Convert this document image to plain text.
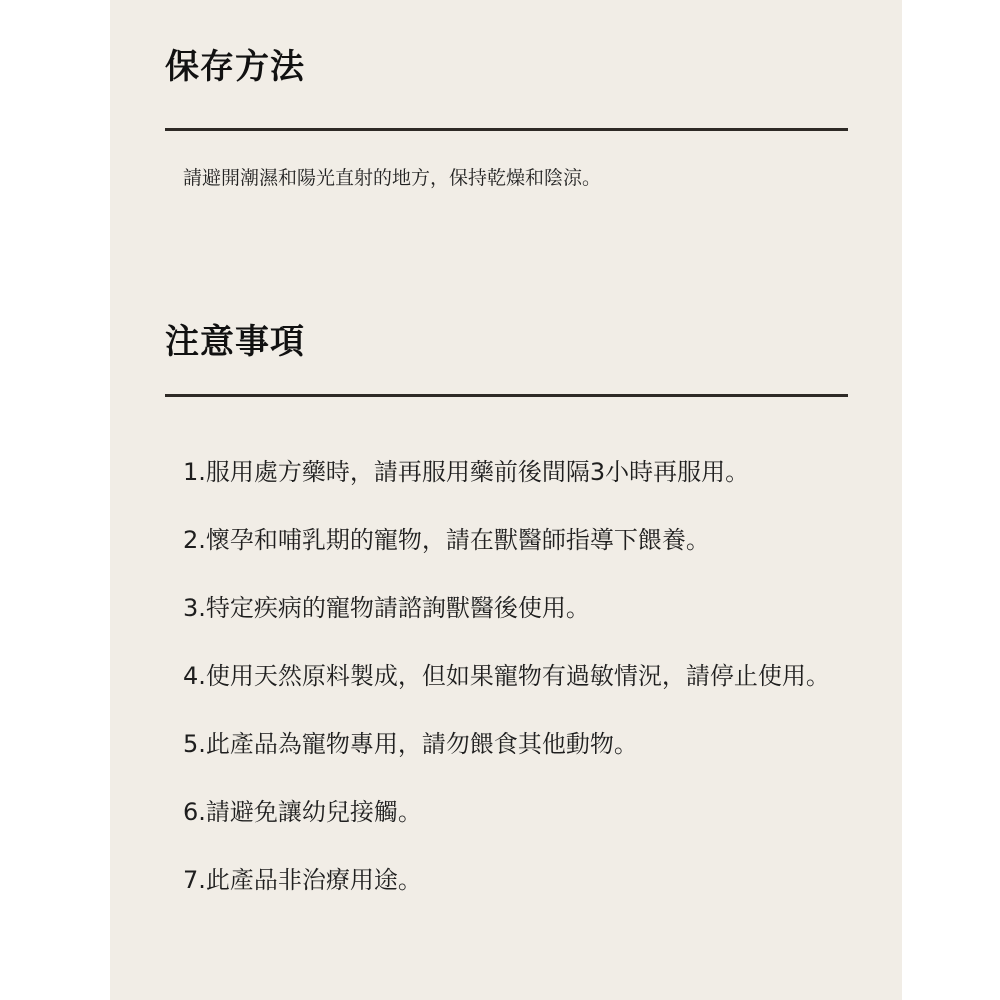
保存方法

請避開潮濕和陽光直射的地方，保持乾燥和陰涼。

注意事項
1.服用處方藥時，請再服用藥前後間隔3小時再服用。
2.懷孕和哺乳期的寵物，請在獸醫師指導下餵養。
3.特定疾病的寵物請諮詢獸醫後使用。
4.使用天然原料製成，但如果寵物有過敏情況，請停止使用。
5.此產品為寵物專用，請勿餵食其他動物。
6.請避免讓幼兒接觸。
7.此產品非治療用途。
